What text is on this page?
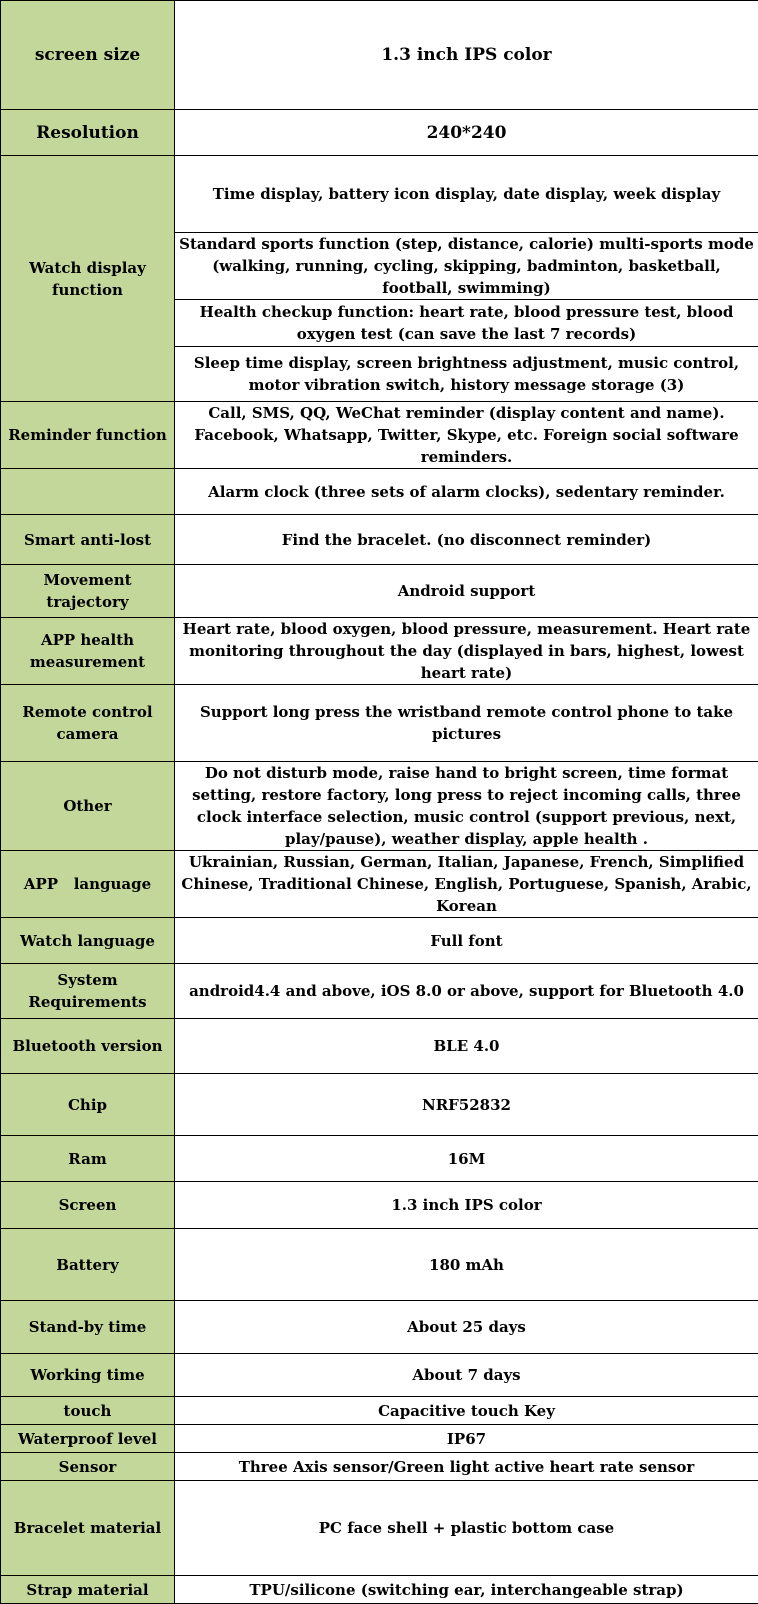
screen size	1.3 inch IPS color
Resolution	240*240
Watch display function	Time display, battery icon display, date display, week display
	Standard sports function (step, distance, calorie) multi-sports mode (walking, running, cycling, skipping, badminton, basketball, football, swimming)
	Health checkup function: heart rate, blood pressure test, blood oxygen test (can save the last 7 records)
	Sleep time display, screen brightness adjustment, music control, motor vibration switch, history message storage (3)
Reminder function	Call, SMS, QQ, WeChat reminder (display content and name). Facebook, Whatsapp, Twitter, Skype, etc. Foreign social software reminders.
	Alarm clock (three sets of alarm clocks), sedentary reminder.
Smart anti-lost	Find the bracelet. (no disconnect reminder)
Movement trajectory	Android support
APP health measurement	Heart rate, blood oxygen, blood pressure, measurement. Heart rate monitoring throughout the day (displayed in bars, highest, lowest heart rate)
Remote control camera	Support long press the wristband remote control phone to take pictures
Other	Do not disturb mode, raise hand to bright screen, time format setting, restore factory, long press to reject incoming calls, three clock interface selection, music control (support previous, next, play/pause), weather display, apple health .
APP   language	Ukrainian, Russian, German, Italian, Japanese, French, Simplified Chinese, Traditional Chinese, English, Portuguese, Spanish, Arabic, Korean
Watch language	Full font
System Requirements	android4.4 and above, iOS 8.0 or above, support for Bluetooth 4.0
Bluetooth version	BLE 4.0
Chip	NRF52832
Ram	16M
Screen	1.3 inch IPS color
Battery	180 mAh
Stand-by time	About 25 days
Working time	About 7 days
touch	Capacitive touch Key
Waterproof level	IP67
Sensor	Three Axis sensor/Green light active heart rate sensor
Bracelet material	PC face shell + plastic bottom case
Strap material	TPU/silicone (switching ear, interchangeable strap)
